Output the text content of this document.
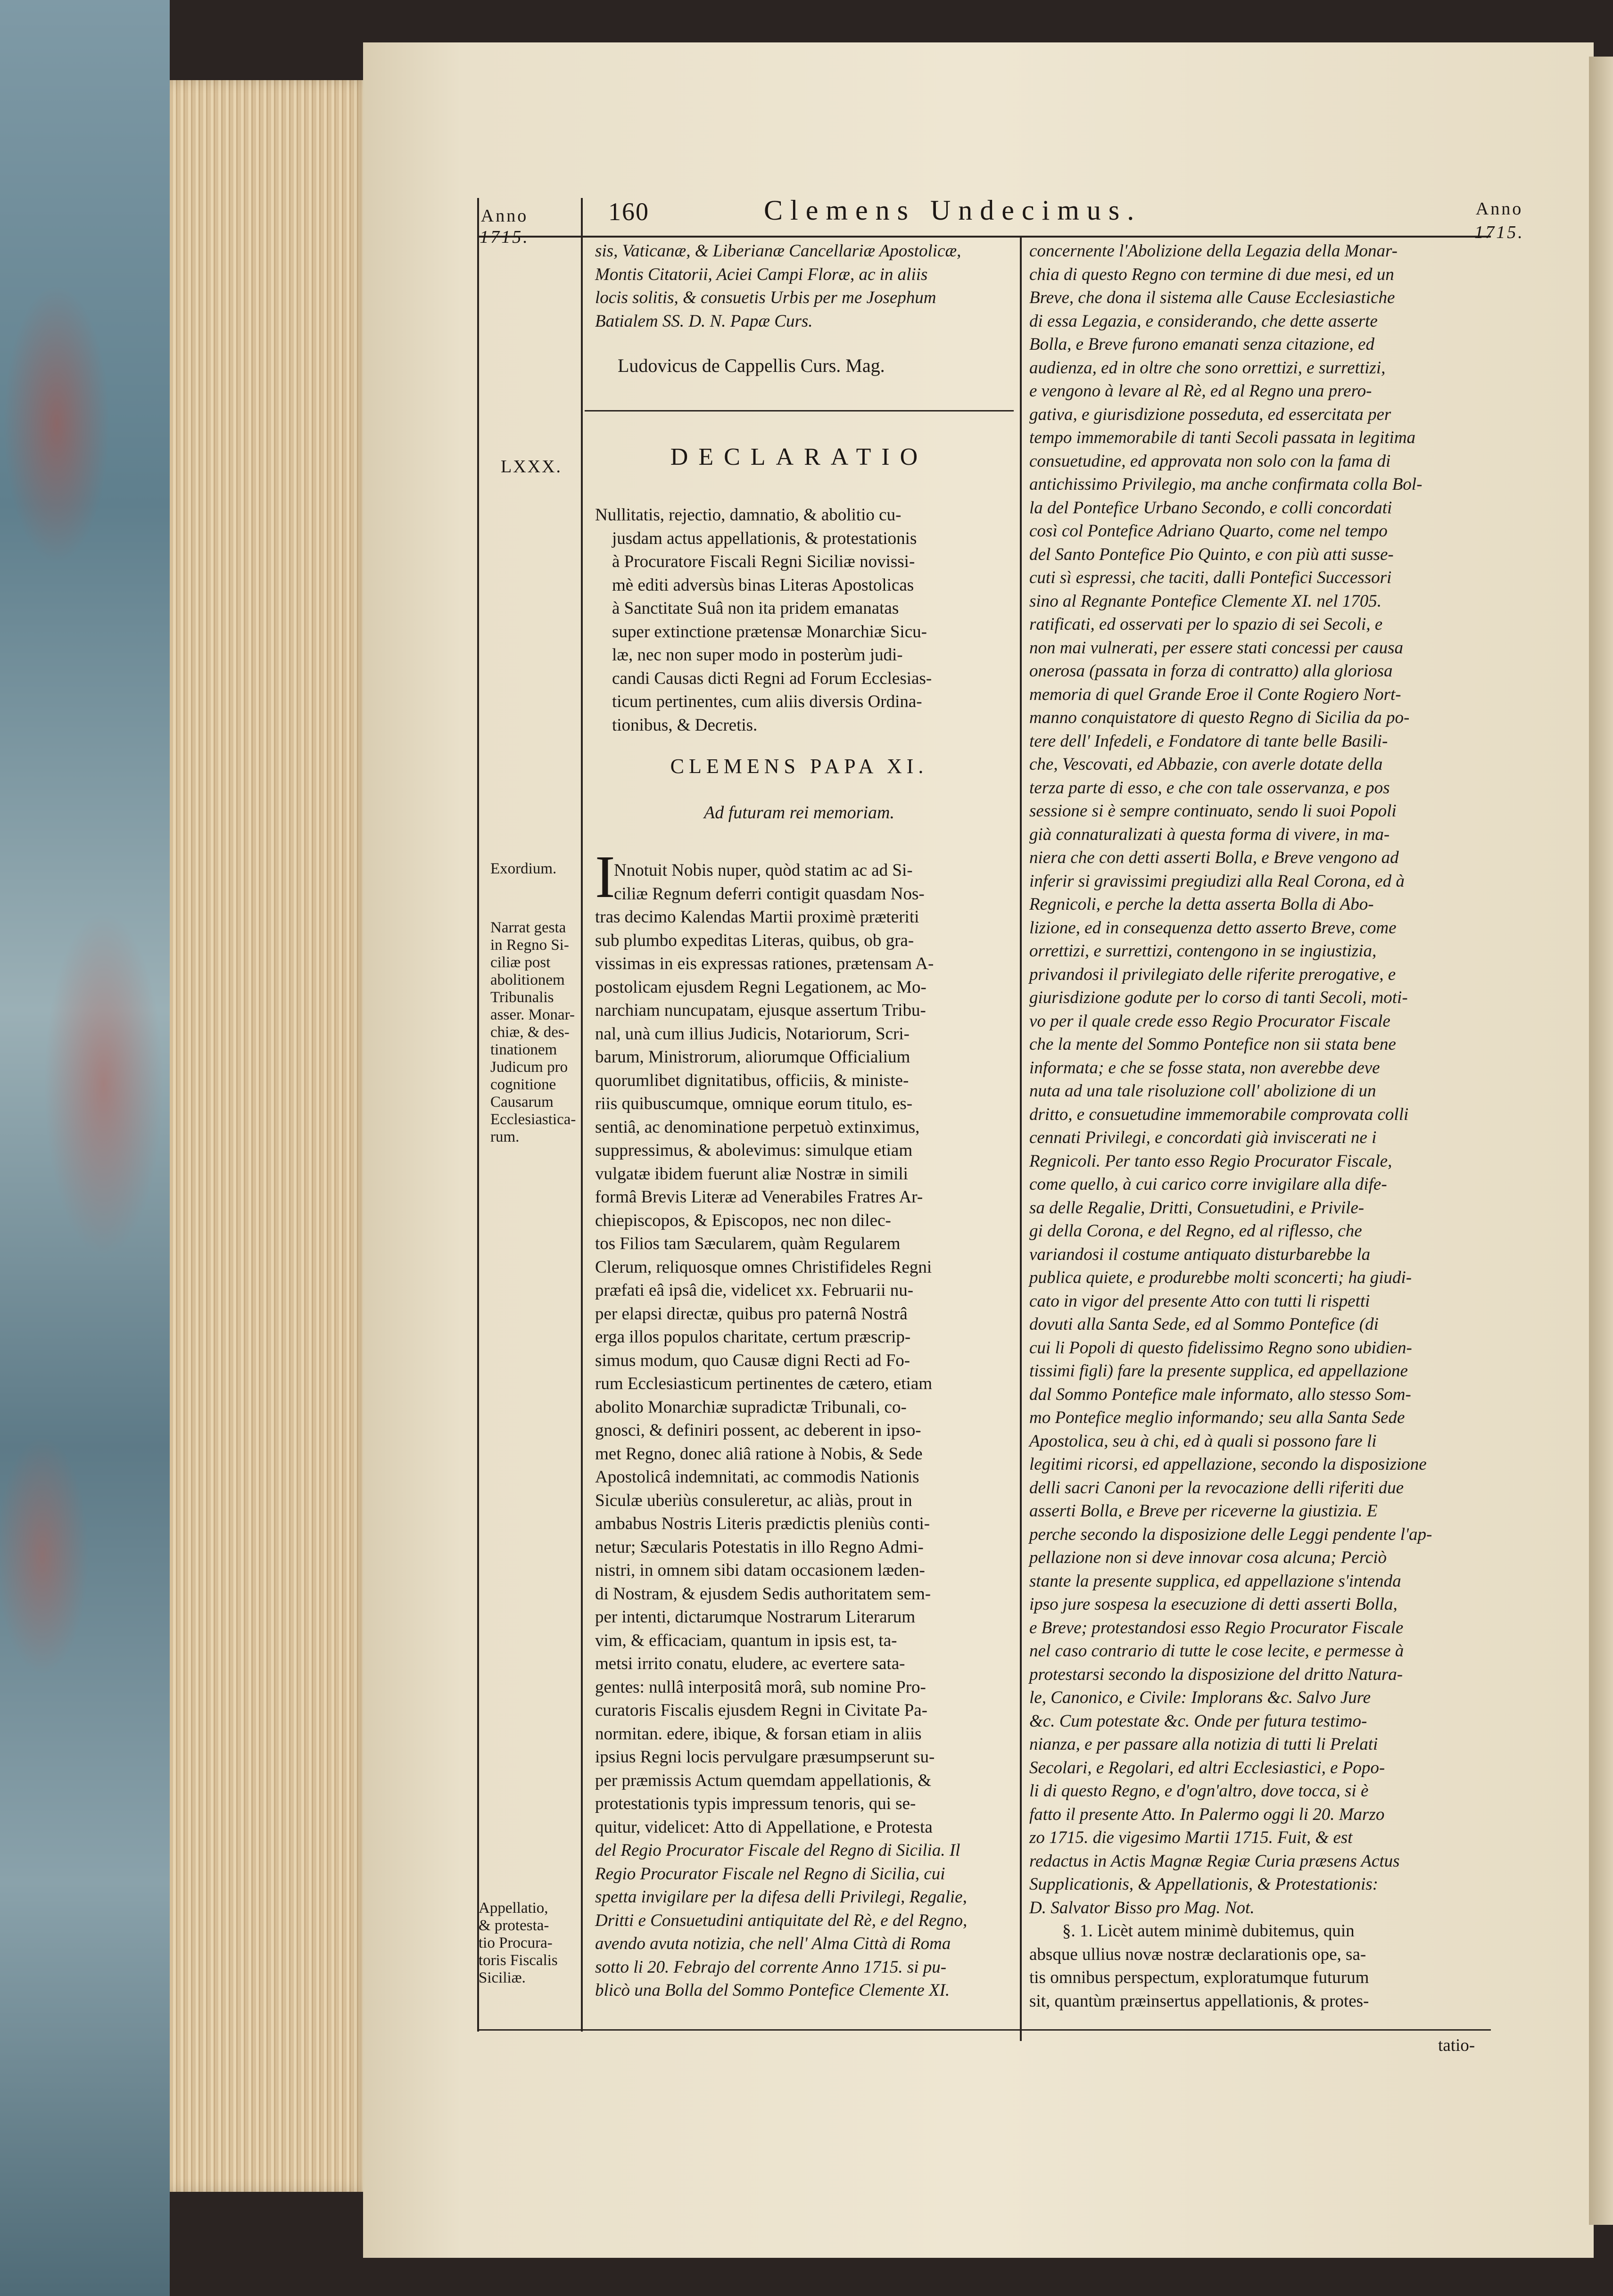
Anno
1715.
160	Clemens Undecimus.	Anno
1715.
LXXX.
Exordium.
Narrat gesta
in Regno Si-
ciliæ post
abolitionem
Tribunalis
asser. Monar-
chiæ, & des-
tinationem
Judicum pro
cognitione
Causarum
Ecclesiastica-
rum.
Appellatio,
& protesta-
tio Procura-
toris Fiscalis
Siciliæ.

sis, Vaticanæ, & Liberianæ Cancellariæ Apostolicæ,

Montis Citatorii, Aciei Campi Floræ, ac in aliis

locis solitis, & consuetis Urbis per me Josephum

Batialem SS. D. N. Papæ Curs.

Ludovicus de Cappellis Curs. Mag.
DECLARATIO

Nullitatis, rejectio, damnatio, & abolitio cu-

jusdam actus appellationis, & protestationis

à Procuratore Fiscali Regni Siciliæ novissi-

mè editi adversùs binas Literas Apostolicas

à Sanctitate Suâ non ita pridem emanatas

super extinctione prætensæ Monarchiæ Sicu-

læ, nec non super modo in posterùm judi-

candi Causas dicti Regni ad Forum Ecclesias-

ticum pertinentes, cum aliis diversis Ordina-

tionibus, & Decretis.

CLEMENS PAPA XI.
Ad futuram rei memoriam.
I

Nnotuit Nobis nuper, quòd statim ac ad Si-

ciliæ Regnum deferri contigit quasdam Nos-

tras decimo Kalendas Martii proximè præteriti

sub plumbo expeditas Literas, quibus, ob gra-

vissimas in eis expressas rationes, prætensam A-

postolicam ejusdem Regni Legationem, ac Mo-

narchiam nuncupatam, ejusque assertum Tribu-

nal, unà cum illius Judicis, Notariorum, Scri-

barum, Ministrorum, aliorumque Officialium

quorumlibet dignitatibus, officiis, & ministe-

riis quibuscumque, omnique eorum titulo, es-

sentiâ, ac denominatione perpetuò extinximus,

suppressimus, & abolevimus: simulque etiam

vulgatæ ibidem fuerunt aliæ Nostræ in simili

formâ Brevis Literæ ad Venerabiles Fratres Ar-

chiepiscopos, & Episcopos, nec non dilec-

tos Filios tam Sæcularem, quàm Regularem

Clerum, reliquosque omnes Christifideles Regni

præfati eâ ipsâ die, videlicet xx. Februarii nu-

per elapsi directæ, quibus pro paternâ Nostrâ

erga illos populos charitate, certum præscrip-

simus modum, quo Causæ digni Recti ad Fo-

rum Ecclesiasticum pertinentes de cætero, etiam

abolito Monarchiæ supradictæ Tribunali, co-

gnosci, & definiri possent, ac deberent in ipso-

met Regno, donec aliâ ratione à Nobis, & Sede

Apostolicâ indemnitati, ac commodis Nationis

Siculæ uberiùs consuleretur, ac aliàs, prout in

ambabus Nostris Literis prædictis pleniùs conti-

netur; Sæcularis Potestatis in illo Regno Admi-

nistri, in omnem sibi datam occasionem læden-

di Nostram, & ejusdem Sedis authoritatem sem-

per intenti, dictarumque Nostrarum Literarum

vim, & efficaciam, quantum in ipsis est, ta-

metsi irrito conatu, eludere, ac evertere sata-

gentes: nullâ interpositâ morâ, sub nomine Pro-

curatoris Fiscalis ejusdem Regni in Civitate Pa-

normitan. edere, ibique, & forsan etiam in aliis

ipsius Regni locis pervulgare præsumpserunt su-

per præmissis Actum quemdam appellationis, &

protestationis typis impressum tenoris, qui se-

quitur, videlicet: Atto di Appellatione, e Protesta

del Regio Procurator Fiscale del Regno di Sicilia. Il

Regio Procurator Fiscale nel Regno di Sicilia, cui

spetta invigilare per la difesa delli Privilegi, Regalie,

Dritti e Consuetudini antiquitate del Rè, e del Regno,

avendo avuta notizia, che nell' Alma Città di Roma

sotto li 20. Febrajo del corrente Anno 1715. si pu-

blicò una Bolla del Sommo Pontefice Clemente XI.

concernente l'Abolizione della Legazia della Monar-

chia di questo Regno con termine di due mesi, ed un

Breve, che dona il sistema alle Cause Ecclesiastiche

di essa Legazia, e considerando, che dette asserte

Bolla, e Breve furono emanati senza citazione, ed

audienza, ed in oltre che sono orrettizi, e surrettizi,

e vengono à levare al Rè, ed al Regno una prero-

gativa, e giurisdizione posseduta, ed essercitata per

tempo immemorabile di tanti Secoli passata in legitima

consuetudine, ed approvata non solo con la fama di

antichissimo Privilegio, ma anche confirmata colla Bol-

la del Pontefice Urbano Secondo, e colli concordati

così col Pontefice Adriano Quarto, come nel tempo

del Santo Pontefice Pio Quinto, e con più atti susse-

cuti sì espressi, che taciti, dalli Pontefici Successori

sino al Regnante Pontefice Clemente XI. nel 1705.

ratificati, ed osservati per lo spazio di sei Secoli, e

non mai vulnerati, per essere stati concessi per causa

onerosa (passata in forza di contratto) alla gloriosa

memoria di quel Grande Eroe il Conte Rogiero Nort-

manno conquistatore di questo Regno di Sicilia da po-

tere dell' Infedeli, e Fondatore di tante belle Basili-

che, Vescovati, ed Abbazie, con averle dotate della

terza parte di esso, e che con tale osservanza, e pos

sessione si è sempre continuato, sendo li suoi Popoli

già connaturalizati à questa forma di vivere, in ma-

niera che con detti asserti Bolla, e Breve vengono ad

inferir si gravissimi pregiudizi alla Real Corona, ed à

Regnicoli, e perche la detta asserta Bolla di Abo-

lizione, ed in consequenza detto asserto Breve, come

orrettizi, e surrettizi, contengono in se ingiustizia,

privandosi il privilegiato delle riferite prerogative, e

giurisdizione godute per lo corso di tanti Secoli, moti-

vo per il quale crede esso Regio Procurator Fiscale

che la mente del Sommo Pontefice non sii stata bene

informata; e che se fosse stata, non averebbe deve

nuta ad una tale risoluzione coll' abolizione di un

dritto, e consuetudine immemorabile comprovata colli

cennati Privilegi, e concordati già inviscerati ne i

Regnicoli. Per tanto esso Regio Procurator Fiscale,

come quello, à cui carico corre invigilare alla dife-

sa delle Regalie, Dritti, Consuetudini, e Privile-

gi della Corona, e del Regno, ed al riflesso, che

variandosi il costume antiquato disturbarebbe la

publica quiete, e produrebbe molti sconcerti; ha giudi-

cato in vigor del presente Atto con tutti li rispetti

dovuti alla Santa Sede, ed al Sommo Pontefice (di

cui li Popoli di questo fidelissimo Regno sono ubidien-

tissimi figli) fare la presente supplica, ed appellazione

dal Sommo Pontefice male informato, allo stesso Som-

mo Pontefice meglio informando; seu alla Santa Sede

Apostolica, seu à chi, ed à quali si possono fare li

legitimi ricorsi, ed appellazione, secondo la disposizione

delli sacri Canoni per la revocazione delli riferiti due

asserti Bolla, e Breve per riceverne la giustizia. E

perche secondo la disposizione delle Leggi pendente l'ap-

pellazione non si deve innovar cosa alcuna; Perciò

stante la presente supplica, ed appellazione s'intenda

ipso jure sospesa la esecuzione di detti asserti Bolla,

e Breve; protestandosi esso Regio Procurator Fiscale

nel caso contrario di tutte le cose lecite, e permesse à

protestarsi secondo la disposizione del dritto Natura-

le, Canonico, e Civile: Implorans &c. Salvo Jure

&c. Cum potestate &c. Onde per futura testimo-

nianza, e per passare alla notizia di tutti li Prelati

Secolari, e Regolari, ed altri Ecclesiastici, e Popo-

li di questo Regno, e d'ogn'altro, dove tocca, si è

fatto il presente Atto. In Palermo oggi li 20. Marzo

zo 1715. die vigesimo Martii 1715. Fuit, & est

redactus in Actis Magnæ Regiæ Curia præsens Actus

Supplicationis, & Appellationis, & Protestationis:

D. Salvator Bisso pro Mag. Not.

§. 1. Licèt autem minimè dubitemus, quin

absque ullius novæ nostræ declarationis ope, sa-

tis omnibus perspectum, exploratumque futurum

sit, quantùm præinsertus appellationis, & protes-

tatio-
